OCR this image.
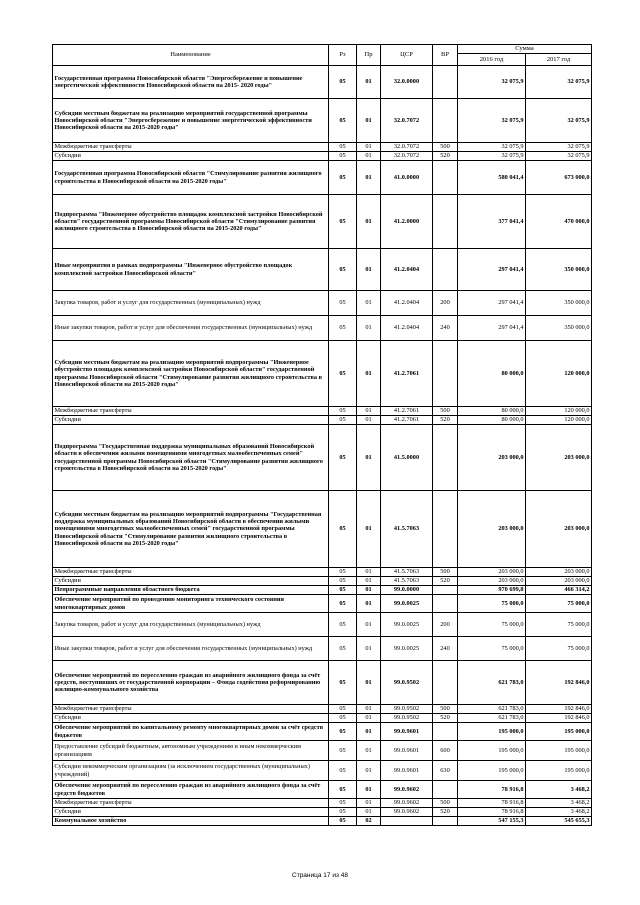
Наименование	Рз	Пр	ЦСР	ВР	Сумма	
					2016 год	2017 год
Государственная программа Новосибирской области "Энергосбережение и повышение энергетической эффективности Новосибирской области на 2015- 2020 годы"	05	01	32.0.0000		32 075,9	32 075,9
Субсидии местным бюджетам на реализацию мероприятий государственной программы Новосибирской области "Энергосбережение и повышение энергетической эффективности Новосибирской области на 2015-2020 годы"	05	01	32.0.7072		32 075,9	32 075,9
Межбюджетные трансферты	05	01	32.0.7072	500	32 075,9	32 075,9
Субсидии	05	01	32.0.7072	520	32 075,9	32 075,9
Государственная программа Новосибирской области "Стимулирование развития жилищного строительства в Новосибирской области на 2015-2020 годы"	05	01	41.0.0000		580 041,4	673 000,0
Подпрограмма "Инженерное обустройство площадок комплексной застройки Новосибирской области" государственной программы Новосибирской области "Стимулирование развития жилищного строительства в Новосибирской области на 2015-2020 годы"	05	01	41.2.0000		377 041,4	470 000,0
Иные мероприятия в рамках подпрограммы "Инженерное обустройство площадок комплексной застройки Новосибирской области"	05	01	41.2.0404		297 041,4	350 000,0
Закупка товаров, работ и услуг для государственных (муниципальных) нужд	05	01	41.2.0404	200	297 041,4	350 000,0
Иные закупки товаров, работ и услуг для обеспечения государственных (муниципальных) нужд	05	01	41.2.0404	240	297 041,4	350 000,0
Субсидии местным бюджетам на реализацию мероприятий подпрограммы "Инженерное обустройство площадок комплексной застройки Новосибирской области" государственной программы Новосибирской области "Стимулирование развития жилищного строительства в Новосибирской области на 2015-2020 годы"	05	01	41.2.7061		80 000,0	120 000,0
Межбюджетные трансферты	05	01	41.2.7061	500	80 000,0	120 000,0
Субсидии	05	01	41.2.7061	520	80 000,0	120 000,0
Подпрограмма "Государственная поддержка муниципальных образований Новосибирской области в обеспечении жилыми помещениями многодетных малообеспеченных семей" государственной программы Новосибирской области "Стимулирование развития жилищного строительства в Новосибирской области на 2015-2020 годы"	05	01	41.5.0000		203 000,0	203 000,0
Субсидии местным бюджетам на реализацию мероприятий подпрограммы "Государственная поддержка муниципальных образований Новосибирской области в обеспечении жилыми помещениями многодетных малообеспеченных семей" государственной программы Новосибирской области "Стимулирование развития жилищного строительства в Новосибирской области на 2015-2020 годы"	05	01	41.5.7063		203 000,0	203 000,0
Межбюджетные трансферты	05	01	41.5.7063	500	203 000,0	203 000,0
Субсидии	05	01	41.5.7063	520	203 000,0	203 000,0
Непрограммные направления областного бюджета	05	01	99.0.0000		970 699,8	466 314,2
Обеспечение мероприятий по проведению мониторинга технического состояния многоквартирных домов	05	01	99.0.0025		75 000,0	75 000,0
Закупка товаров, работ и услуг для государственных (муниципальных) нужд	05	01	99.0.0025	200	75 000,0	75 000,0
Иные закупки товаров, работ и услуг для обеспечения государственных (муниципальных) нужд	05	01	99.0.0025	240	75 000,0	75 000,0
Обеспечение мероприятий по переселению граждан из аварийного жилищного фонда за счёт средств, поступивших от государственной корпорации – Фонда содействия реформированию жилищно-коммунального хозяйства	05	01	99.0.9502		621 783,0	192 846,0
Межбюджетные трансферты	05	01	99.0.9502	500	621 783,0	192 846,0
Субсидии	05	01	99.0.9502	520	621 783,0	192 846,0
Обеспечение мероприятий по капитальному ремонту многоквартирных домов за счёт средств бюджетов	05	01	99.0.9601		195 000,0	195 000,0
Предоставление субсидий бюджетным, автономным учреждениям и иным некоммерческим организациям	05	01	99.0.9601	600	195 000,0	195 000,0
Субсидии некоммерческим организациям (за исключением государственных (муниципальных) учреждений)	05	01	99.0.9601	630	195 000,0	195 000,0
Обеспечение мероприятий по переселению граждан из аварийного жилищного фонда за счёт средств бюджетов	05	01	99.0.9602		78 916,8	3 468,2
Межбюджетные трансферты	05	01	99.0.9602	500	78 916,8	3 468,2
Субсидии	05	01	99.0.9602	520	78 916,8	3 468,2
Коммунальное хозяйство	05	02			547 155,3	545 655,3
Страница 17 из 48
